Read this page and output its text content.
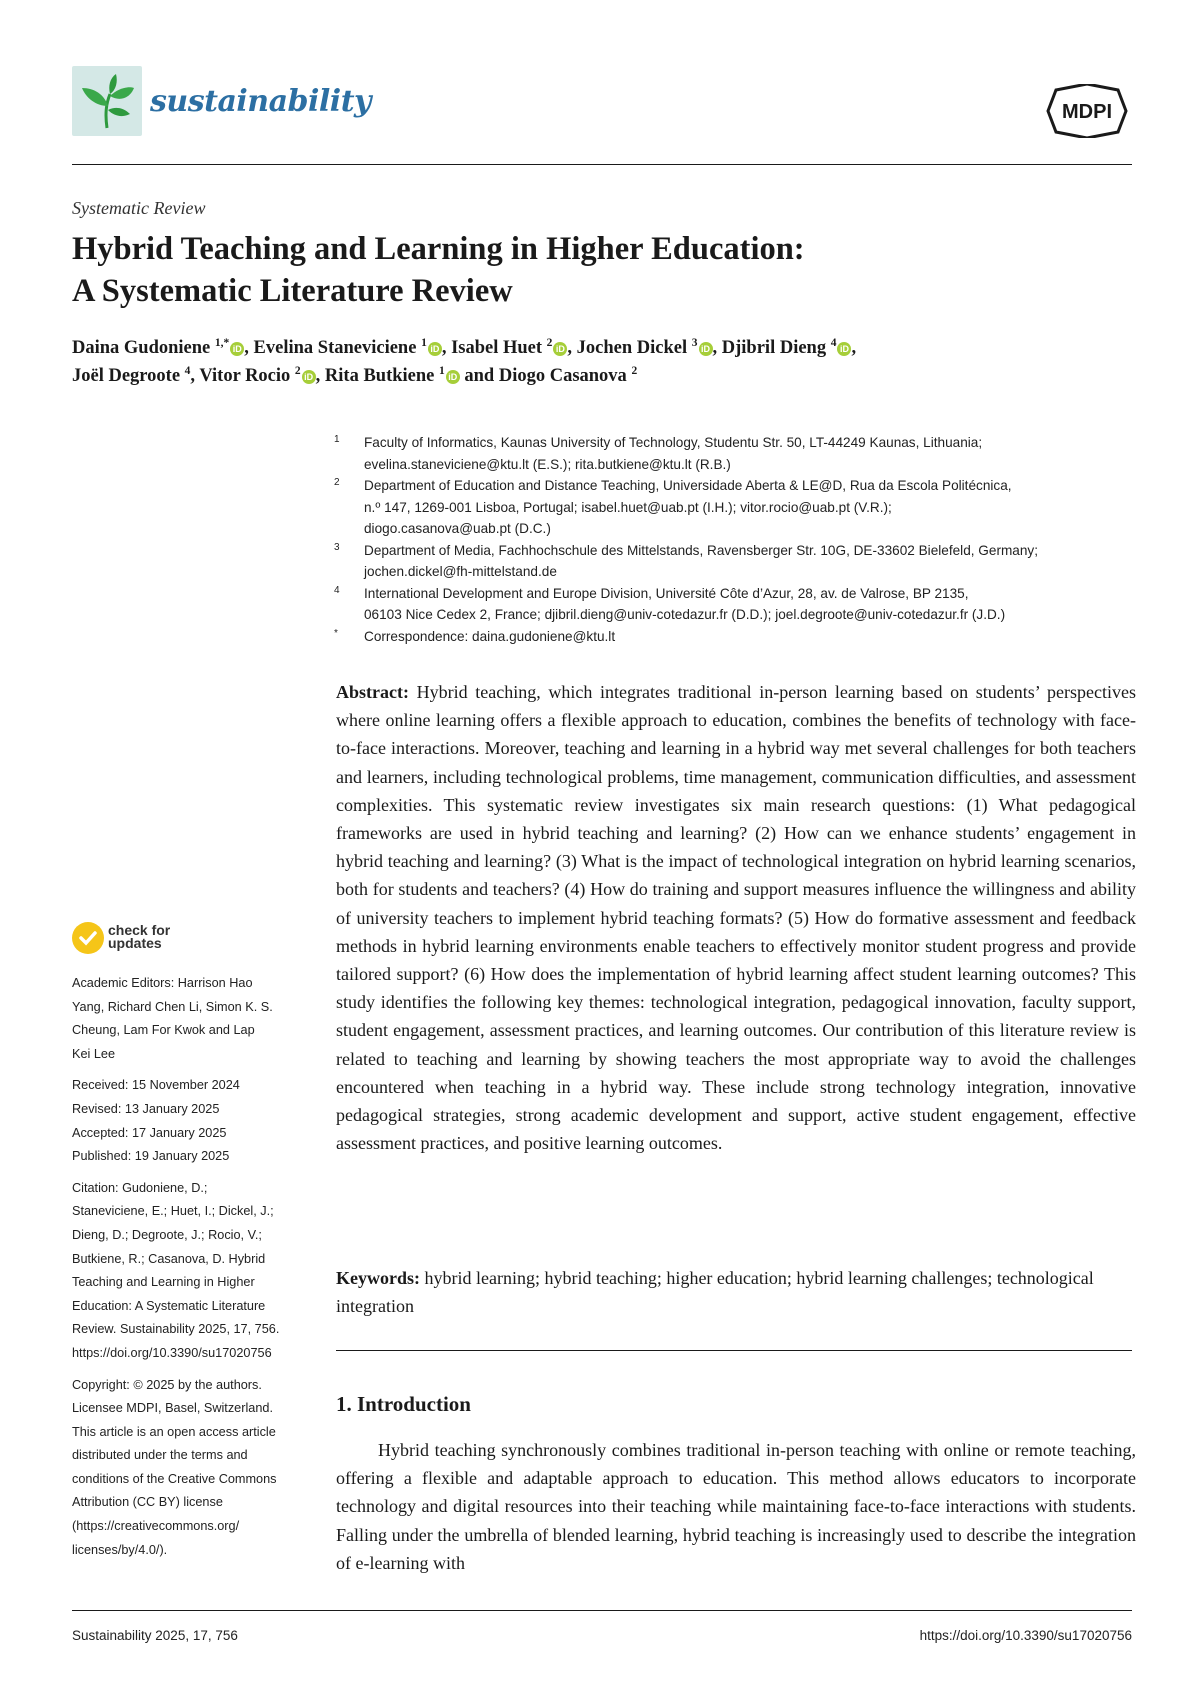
sustainability	MDPI
Systematic Review
Hybrid Teaching and Learning in Higher Education:
A Systematic Literature Review
Daina Gudoniene $^{1,*}$iD , Evelina Staneviciene $^1$iD , Isabel Huet $^2$iD , Jochen Dickel $^3$iD , Djibril Dieng $^4$iD ,
Joël Degroote $^4$, Vitor Rocio $^2$iD , Rita Butkiene $^1$iD and Diogo Casanova $^2$
1 Faculty of Informatics, Kaunas University of Technology, Studentu Str. 50, LT-44249 Kaunas, Lithuania;
evelina.staneviciene@ktu.lt (E.S.); rita.butkiene@ktu.lt (R.B.)
2 Department of Education and Distance Teaching, Universidade Aberta & LE@D, Rua da Escola Politécnica,
n.º 147, 1269-001 Lisboa, Portugal; isabel.huet@uab.pt (I.H.); vitor.rocio@uab.pt (V.R.);
diogo.casanova@uab.pt (D.C.)
3 Department of Media, Fachhochschule des Mittelstands, Ravensberger Str. 10G, DE-33602 Bielefeld, Germany;
jochen.dickel@fh-mittelstand.de
4 International Development and Europe Division, Université Côte d’Azur, 28, av. de Valrose, BP 2135,
06103 Nice Cedex 2, France; djibril.dieng@univ-cotedazur.fr (D.D.); joel.degroote@univ-cotedazur.fr (J.D.)
* Correspondence: daina.gudoniene@ktu.lt

Abstract: Hybrid teaching, which integrates traditional in-person learning based on students’ perspectives where online learning offers a flexible approach to education, combines the benefits of technology with face-to-face interactions. Moreover, teaching and learning in a hybrid way met several challenges for both teachers and learners, including technological problems, time management, communication difficulties, and assessment complexities. This systematic review investigates six main research questions: (1) What pedagogical frameworks are used in hybrid teaching and learning? (2) How can we enhance students’ engagement in hybrid teaching and learning? (3) What is the impact of technological integration on hybrid learning scenarios, both for students and teachers? (4) How do training and support measures influence the willingness and ability of university teachers to implement hybrid teaching formats? (5) How do formative assessment and feedback methods in hybrid learning environments enable teachers to effectively monitor student progress and provide tailored support? (6) How does the implementation of hybrid learning affect student learning outcomes? This study identifies the following key themes: technological integration, pedagogical innovation, faculty support, student engagement, assessment practices, and learning outcomes. Our contribution of this literature review is related to teaching and learning by showing teachers the most appropriate way to avoid the challenges encountered when teaching in a hybrid way. These include strong technology integration, innovative pedagogical strategies, strong academic development and support, active student engagement, effective assessment practices, and positive learning outcomes.

Keywords: hybrid learning; hybrid teaching; higher education; hybrid learning challenges; technological integration

1. Introduction

Hybrid teaching synchronously combines traditional in-person teaching with online or remote teaching, offering a flexible and adaptable approach to education. This method allows educators to incorporate technology and digital resources into their teaching while maintaining face-to-face interactions with students. Falling under the umbrella of blended learning, hybrid teaching is increasingly used to describe the integration of e-learning with

check for
updates
Academic Editors: Harrison Hao
Yang, Richard Chen Li, Simon K. S.
Cheung, Lam For Kwok and Lap
Kei Lee
Received: 15 November 2024
Revised: 13 January 2025
Accepted: 17 January 2025
Published: 19 January 2025
Citation: Gudoniene, D.;
Staneviciene, E.; Huet, I.; Dickel, J.;
Dieng, D.; Degroote, J.; Rocio, V.;
Butkiene, R.; Casanova, D. Hybrid
Teaching and Learning in Higher
Education: A Systematic Literature
Review. Sustainability 2025, 17, 756.
https://doi.org/10.3390/su17020756
Copyright: © 2025 by the authors.
Licensee MDPI, Basel, Switzerland.
This article is an open access article
distributed under the terms and
conditions of the Creative Commons
Attribution (CC BY) license
(https://creativecommons.org/
licenses/by/4.0/).
Sustainability 2025, 17, 756	https://doi.org/10.3390/su17020756
